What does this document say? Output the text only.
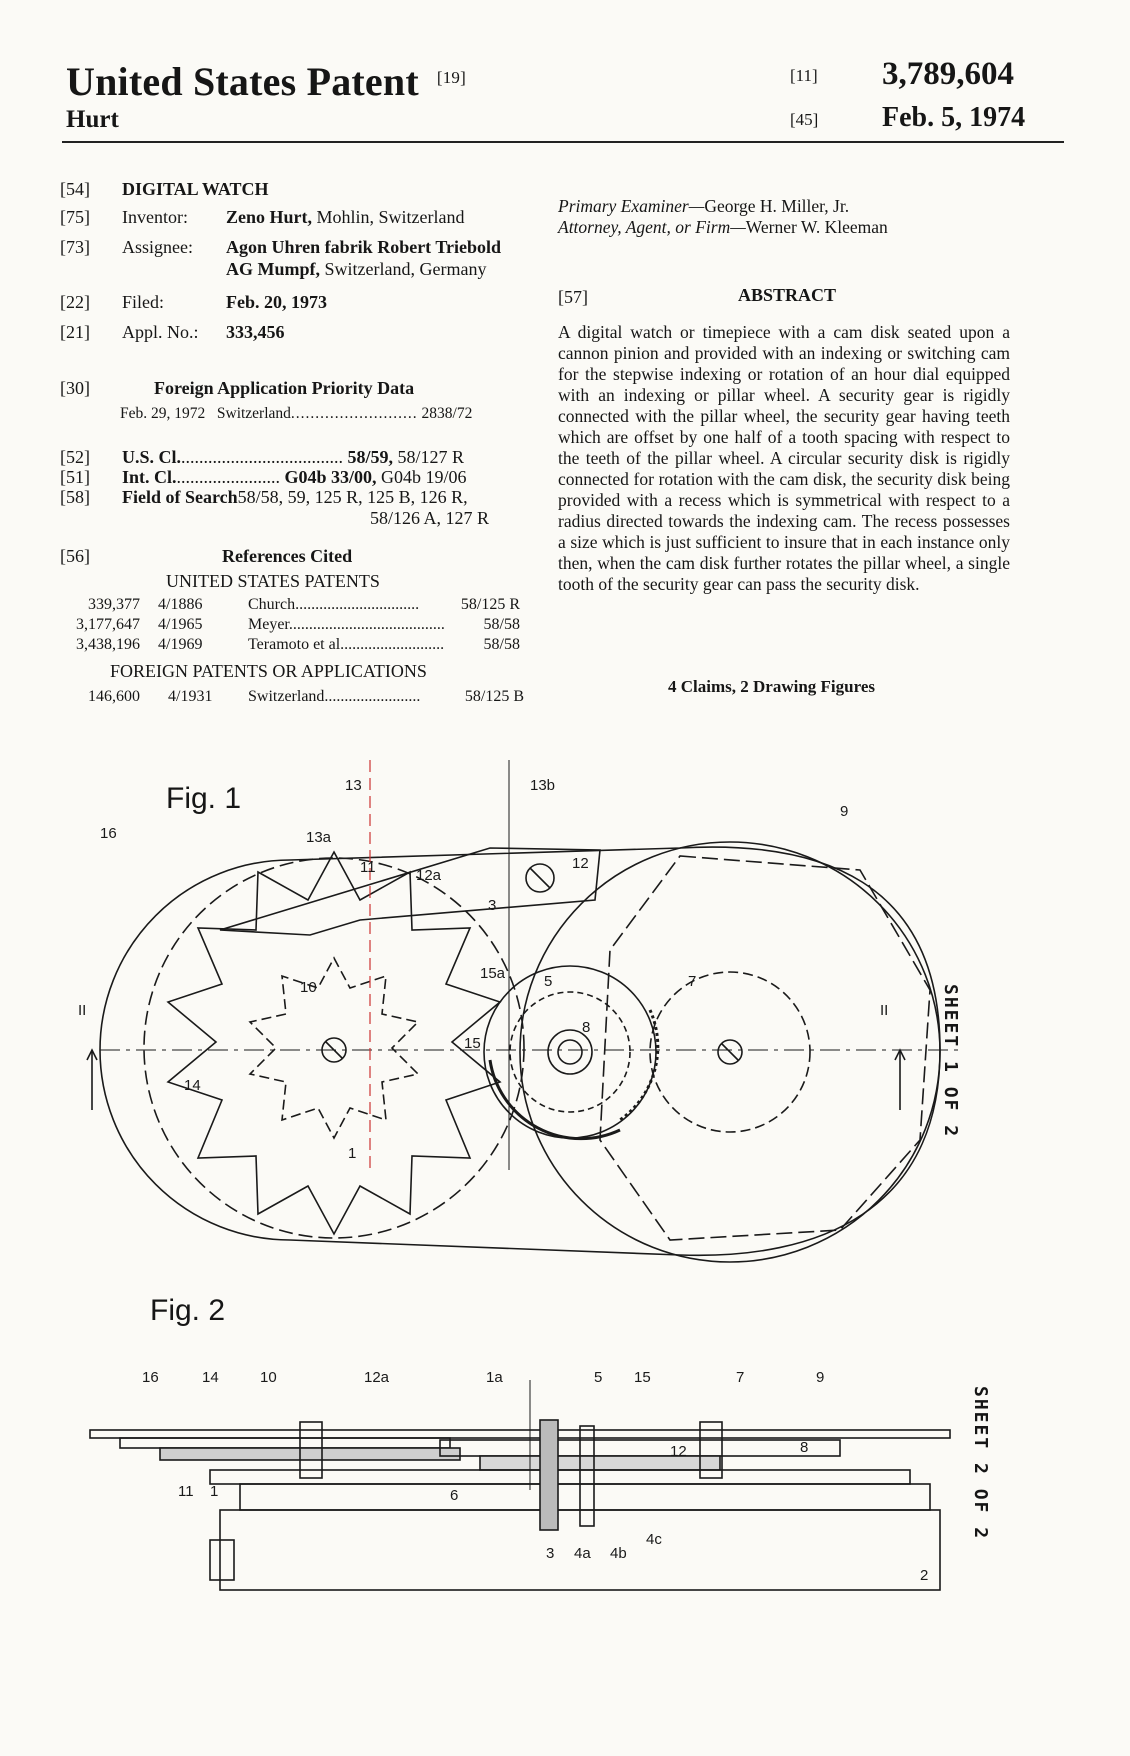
United States Patent [19]
Hurt
[11] 3,789,604
[45] Feb. 5, 1974
[54] DIGITAL WATCH
[75] Inventor: Zeno Hurt, Mohlin, Switzerland
[73] Assignee: Agon Uhren fabrik Robert Triebold
AG Mumpf, Switzerland, Germany
[22] Filed:	Feb. 20, 1973
[21] Appl. No.: 333,456
[30]	Foreign Application Priority Data
Feb. 29, 1972 Switzerland.......................... 2838/72
[52] U.S. Cl..................................... 58/59, 58/127 R
[51] Int. Cl........................ G04b 33/00, G04b 19/06
[58] Field of Search58/58, 59, 125 R, 125 B, 126 R,
58/126 A, 127 R
[56]	References Cited
UNITED STATES PATENTS
339,377 4/1886	Church...............................	58/125 R
3,177,647 4/1965	Meyer....................................... 58/58
3,438,196 4/1969	Teramoto et al.......................... 58/58
FOREIGN PATENTS OR APPLICATIONS
146,600 4/1931 Switzerland........................	58/125 B
Primary Examiner—George H. Miller, Jr.
Attorney, Agent, or Firm—Werner W. Kleeman
[57]	ABSTRACT
A digital watch or timepiece with a cam disk seated upon a cannon pinion and provided with an indexing or switching cam for the stepwise indexing or rotation of an hour dial equipped with an indexing or pillar wheel. A security gear is rigidly connected with the pillar wheel, the security gear having teeth which are offset by one half of a tooth spacing with respect to the teeth of the pillar wheel. A circular security disk is rigidly connected for rotation with the cam disk, the security disk being provided with a recess which is symmetrical with respect to a radius directed towards the indexing cam. The recess possesses a size which is just sufficient to insure that in each instance only then, when the cam disk further rotates the pillar wheel, a single tooth of the security gear can pass the security disk.
4 Claims, 2 Drawing Figures
Fig. 1
Fig. 2
SHEET 1 OF 2
SHEET 2 OF 2
16
13	13b
13a
11	12a
12
9
3
15a	5
10	7
8
15
14
1
II	II
16	14	10	12a	1a	5 15	7	9
11 1	6
12	8
3 4a 4b
4c
2
